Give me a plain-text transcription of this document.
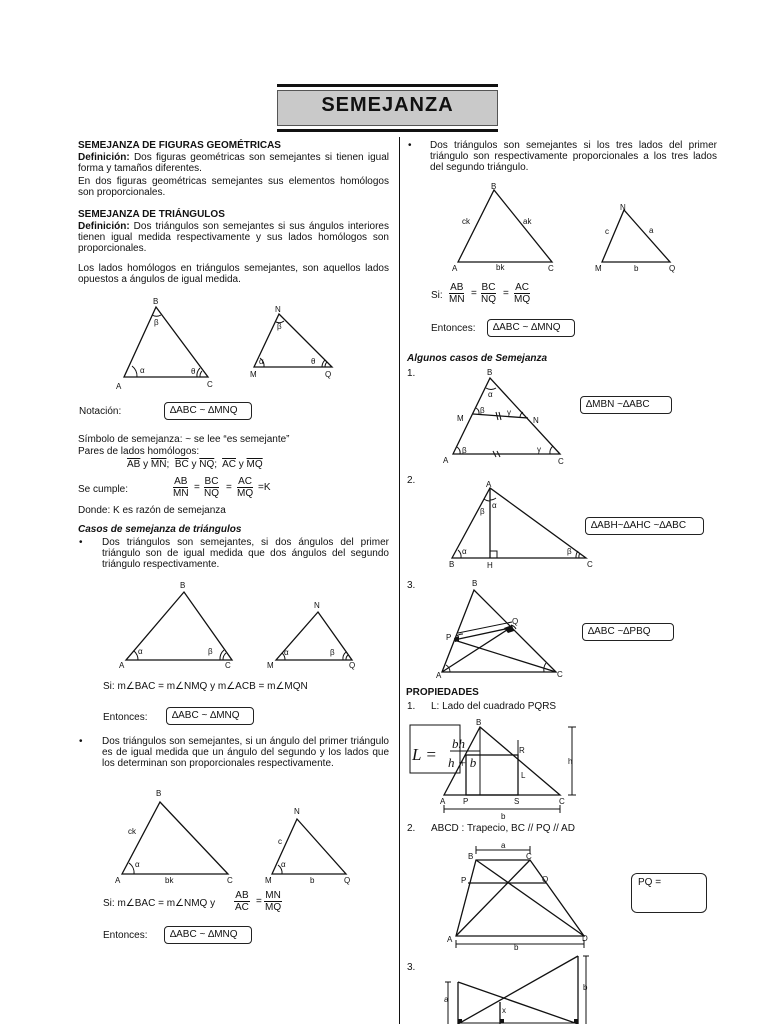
SEMEJANZA
SEMEJANZA DE FIGURAS GEOMÉTRICAS
Definición: Dos figuras geométricas son semejantes si tienen igual forma y tamaños diferentes.
En dos figuras geométricas semejantes sus elementos homólogos son proporcionales.
SEMEJANZA DE TRIÁNGULOS
Definición: Dos triángulos son semejantes si sus ángulos interiores tienen igual medida respectivamente y sus lados homólogos son proporcionales.
Los lados homólogos en triángulos semejantes, son aquellos lados opuestos a ángulos de igual medida.
B
β
α	θ
A	C
N
β
α	θ
M	Q
Notación:	∆ABC ~ ∆MNQ
Símbolo de semejanza: ~ se lee “es semejante”
Pares de lados homólogos:
$\overline{AB}$ y $\overline{MN}$; $\overline{BC}$ y $\overline{NQ}$; $\overline{AC}$ y $\overline{MQ}$
Se cumple:	$\frac{AB}{MN} = \frac{BC}{NQ} = \frac{AC}{MQ} =K$
Donde: K es razón de semejanza
Casos de semejanza de triángulos
• Dos triángulos son semejantes, si dos ángulos del primer triángulo son de igual medida que dos ángulos del segundo triángulo respectivamente.
B
α	β
A	C
N
α	β
M	Q
Si: m∠BAC = m∠NMQ y m∠ACB = m∠MQN
Entonces:	∆ABC ~ ∆MNQ
• Dos triángulos son semejantes, si un ángulo del primer triángulo es de igual medida que un ángulo del segundo y los lados que los determinan son proporcionales respectivamente.
B
ck
α
bk
A	C
N
c
α
b
M	Q
Si: m∠BAC = m∠NMQ y $\frac{AB}{AC} = \frac{MN}{MQ}$
Entonces:	∆ABC ~ ∆MNQ
• Dos triángulos son semejantes si los tres lados del primer triángulo son respectivamente proporcionales a los tres lados del segundo triángulo.
B
ck	ak
bk
A	C
N
c	a
b
M	Q
Si: $\frac{AB}{MN} = \frac{BC}{NQ} = \frac{AC}{MQ}$
Entonces:	∆ABC ~ ∆MNQ
Algunos casos de Semejanza
1.	B
α
M
β	γ
N
β	γ
A	C
∆MBN ~∆ABC
2.	A
β
α
α	β
B	H	C
∆ABH~∆AHC ~∆ABC
3.	B
Q
P
A	C
∆ABC ~∆PBQ
PROPIEDADES
1. L: Lado del cuadrado PQRS
L =
bh
h + b
B
R
L
h
A P	S	C
b
2. ABCD : Trapecio, BC // PQ // AD
a
B	C
P	Q
A	D
b
PQ =
3.
a
b
x
